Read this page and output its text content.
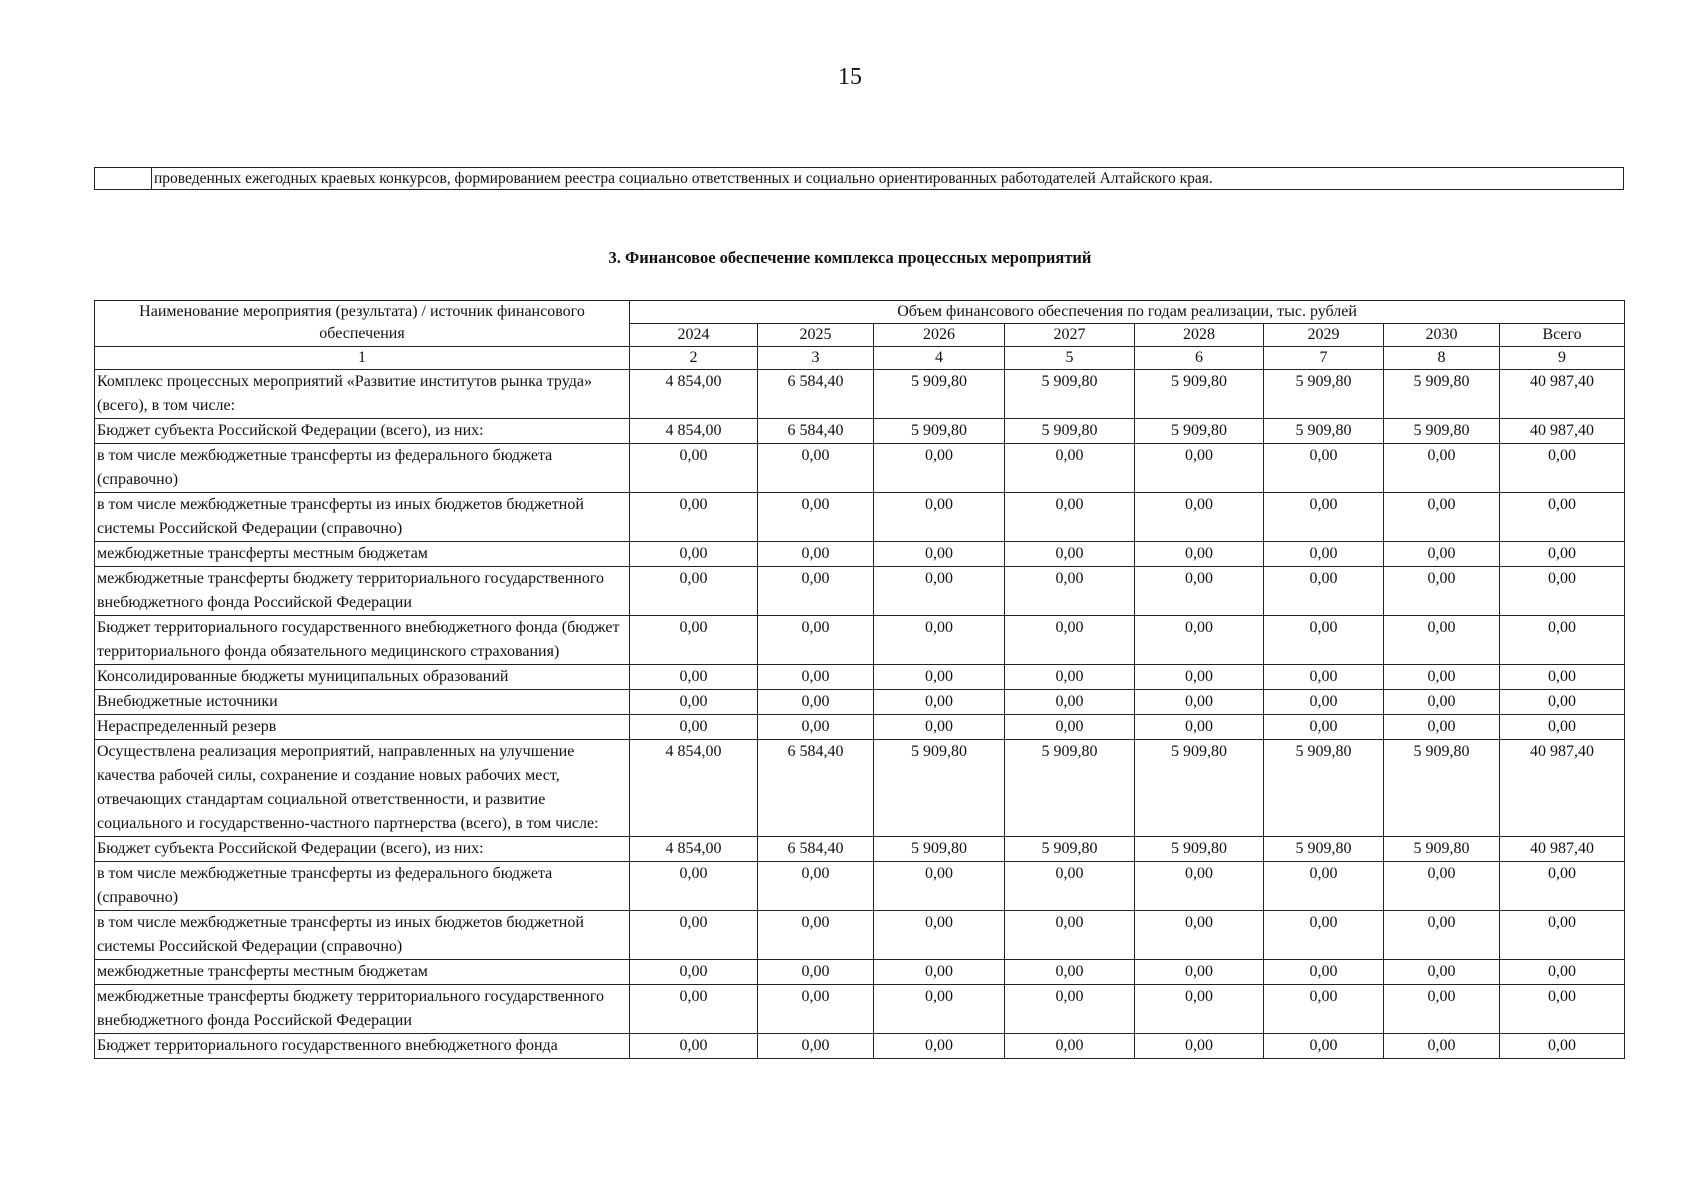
15
проведенных ежегодных краевых конкурсов, формированием реестра социально ответственных и социально ориентированных работодателей Алтайского края.
3. Финансовое обеспечение комплекса процессных мероприятий
Наименование мероприятия (результата) / источник финансового обеспечения	Объем финансового обеспечения по годам реализации, тыс. рублей							
	2024	2025	2026	2027	2028	2029	2030	Всего
1	2	3	4	5	6	7	8	9
Комплекс процессных мероприятий «Развитие институтов рынка труда» (всего), в том числе:	4 854,00	6 584,40	5 909,80	5 909,80	5 909,80	5 909,80	5 909,80	40 987,40
Бюджет субъекта Российской Федерации (всего), из них:	4 854,00	6 584,40	5 909,80	5 909,80	5 909,80	5 909,80	5 909,80	40 987,40
в том числе межбюджетные трансферты из федерального бюджета (справочно)	0,00	0,00	0,00	0,00	0,00	0,00	0,00	0,00
в том числе межбюджетные трансферты из иных бюджетов бюджетной системы Российской Федерации (справочно)	0,00	0,00	0,00	0,00	0,00	0,00	0,00	0,00
межбюджетные трансферты местным бюджетам	0,00	0,00	0,00	0,00	0,00	0,00	0,00	0,00
межбюджетные трансферты бюджету территориального государственного внебюджетного фонда Российской Федерации	0,00	0,00	0,00	0,00	0,00	0,00	0,00	0,00
Бюджет территориального государственного внебюджетного фонда (бюджет территориального фонда обязательного медицинского страхования)	0,00	0,00	0,00	0,00	0,00	0,00	0,00	0,00
Консолидированные бюджеты муниципальных образований	0,00	0,00	0,00	0,00	0,00	0,00	0,00	0,00
Внебюджетные источники	0,00	0,00	0,00	0,00	0,00	0,00	0,00	0,00
Нераспределенный резерв	0,00	0,00	0,00	0,00	0,00	0,00	0,00	0,00
Осуществлена реализация мероприятий, направленных на улучшение качества рабочей силы, сохранение и создание новых рабочих мест, отвечающих стандартам социальной ответственности, и развитие социального и государственно-частного партнерства (всего), в том числе:	4 854,00	6 584,40	5 909,80	5 909,80	5 909,80	5 909,80	5 909,80	40 987,40
Бюджет субъекта Российской Федерации (всего), из них:	4 854,00	6 584,40	5 909,80	5 909,80	5 909,80	5 909,80	5 909,80	40 987,40
в том числе межбюджетные трансферты из федерального бюджета (справочно)	0,00	0,00	0,00	0,00	0,00	0,00	0,00	0,00
в том числе межбюджетные трансферты из иных бюджетов бюджетной системы Российской Федерации (справочно)	0,00	0,00	0,00	0,00	0,00	0,00	0,00	0,00
межбюджетные трансферты местным бюджетам	0,00	0,00	0,00	0,00	0,00	0,00	0,00	0,00
межбюджетные трансферты бюджету территориального государственного внебюджетного фонда Российской Федерации	0,00	0,00	0,00	0,00	0,00	0,00	0,00	0,00
Бюджет территориального государственного внебюджетного фонда	0,00	0,00	0,00	0,00	0,00	0,00	0,00	0,00
